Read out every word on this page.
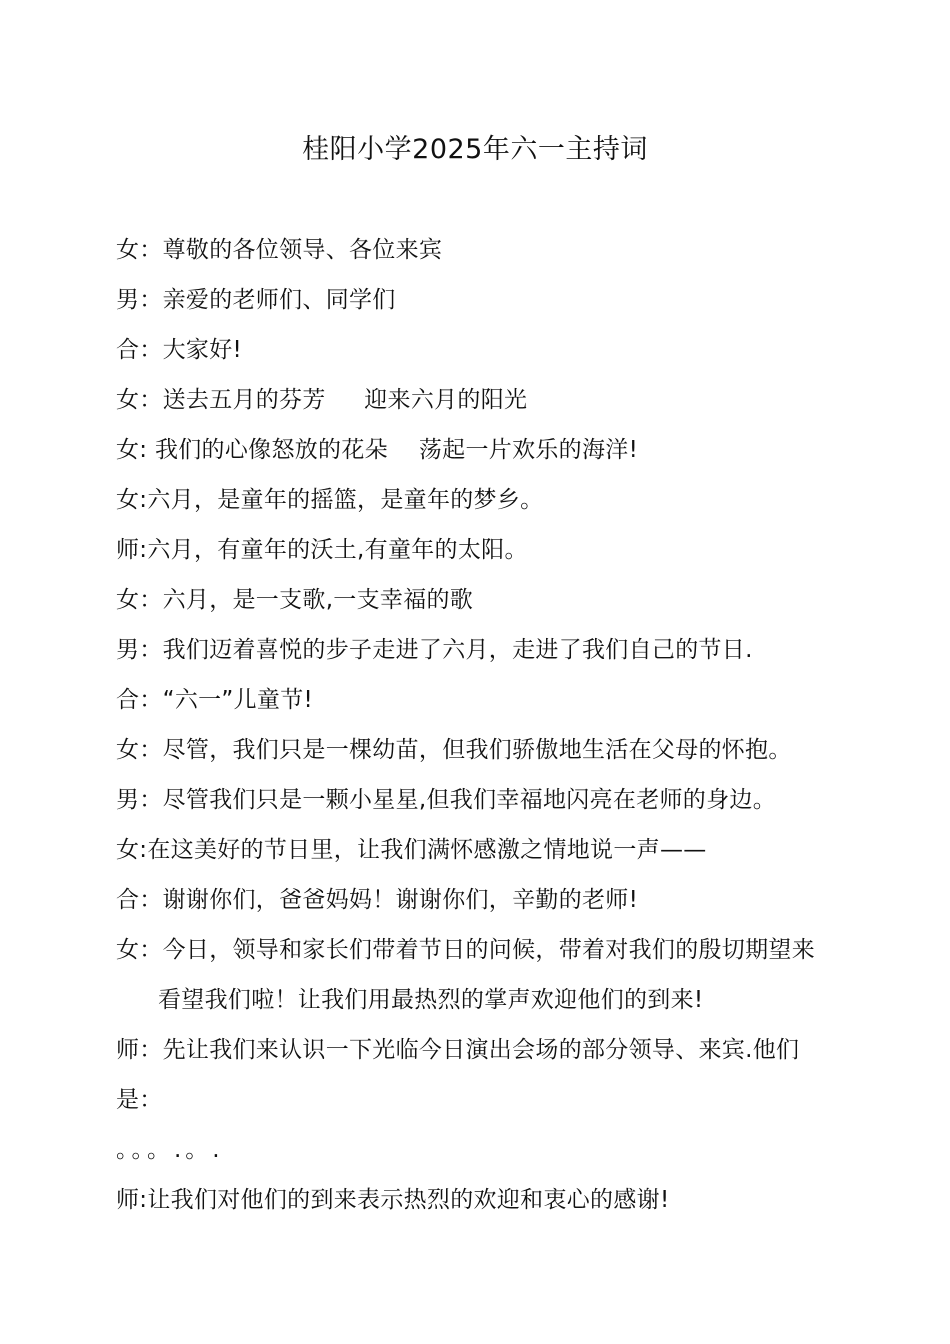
桂阳小学2025年六一主持词
女：尊敬的各位领导、各位来宾
男：亲爱的老师们、同学们
合：大家好!
女：送去五月的芬芳 　 迎来六月的阳光
女: 我们的心像怒放的花朵　 荡起一片欢乐的海洋!
女:六月，是童年的摇篮，是童年的梦乡。
师:六月，有童年的沃土,有童年的太阳。
女：六月，是一支歌,一支幸福的歌
男：我们迈着喜悦的步子走进了六月，走进了我们自己的节日.
合：“六一”儿童节!
女：尽管，我们只是一棵幼苗，但我们骄傲地生活在父母的怀抱。
男：尽管我们只是一颗小星星,但我们幸福地闪亮在老师的身边。
女:在这美好的节日里，让我们满怀感激之情地说一声——
合：谢谢你们，爸爸妈妈！谢谢你们，辛勤的老师!
女：今日，领导和家长们带着节日的问候，带着对我们的殷切期望来
看望我们啦！让我们用最热烈的掌声欢迎他们的到来!
师：先让我们来认识一下光临今日演出会场的部分领导、来宾.他们
是：
。。。.。.
师:让我们对他们的到来表示热烈的欢迎和衷心的感谢!
